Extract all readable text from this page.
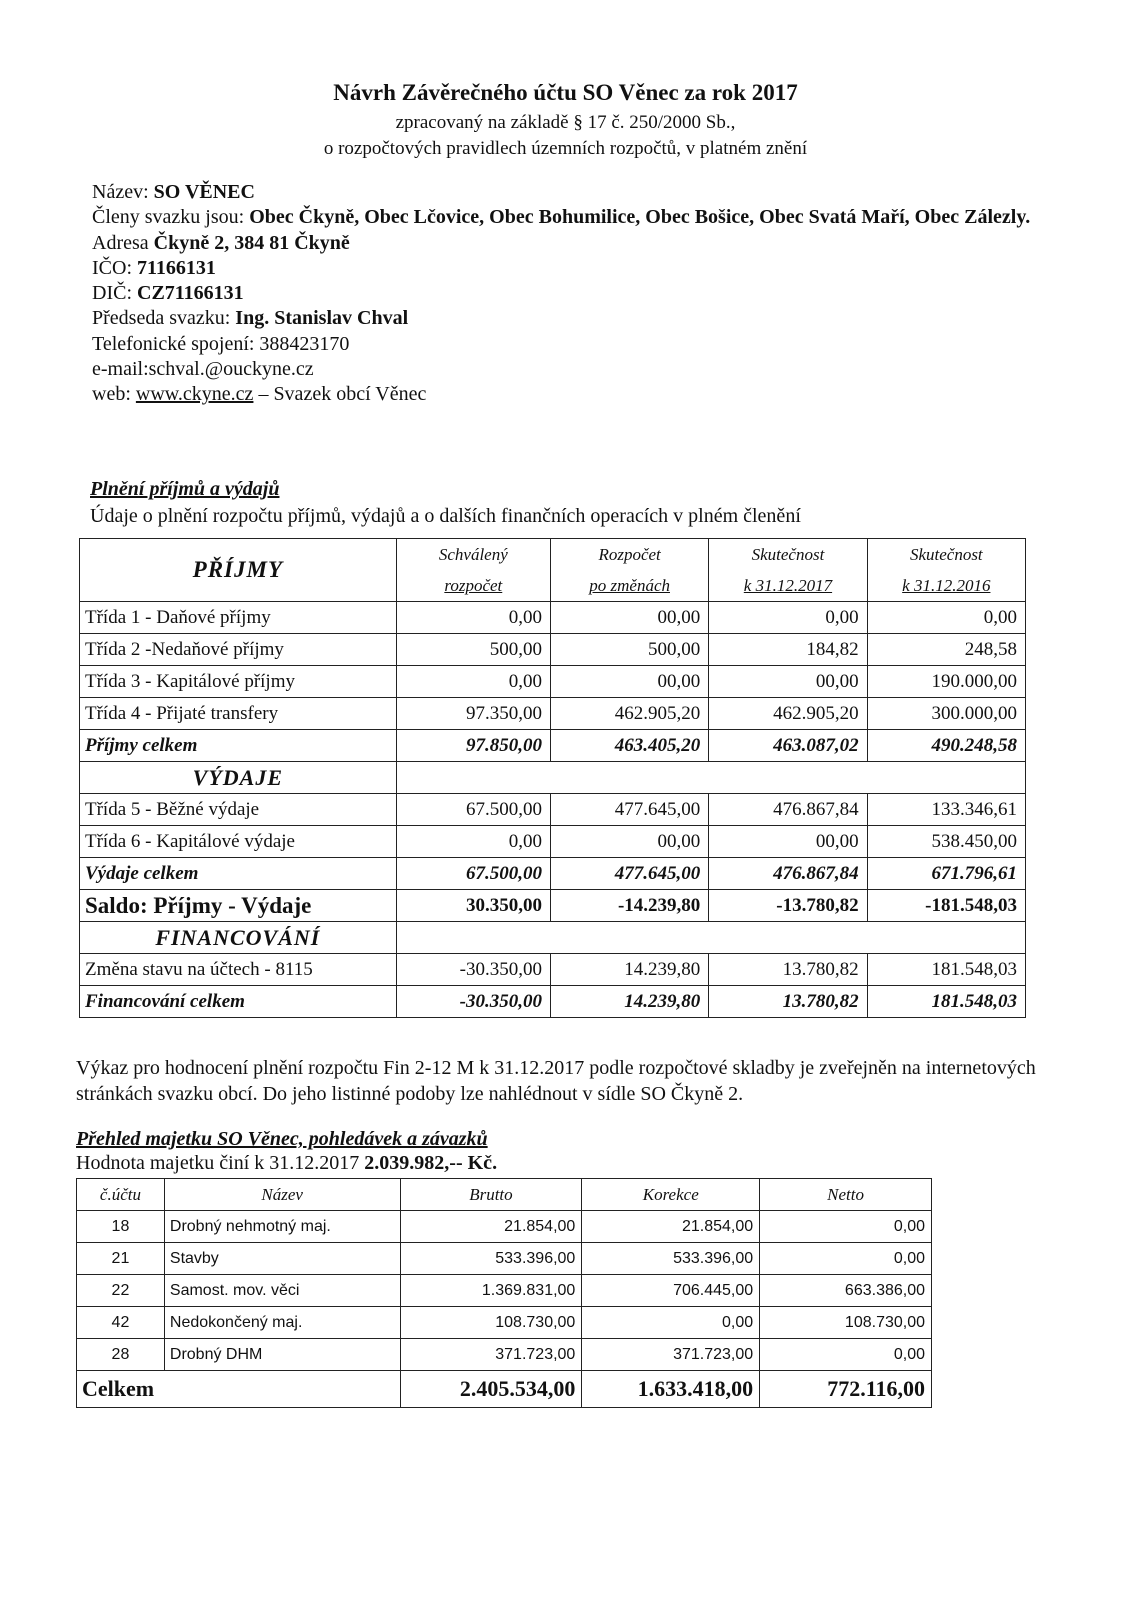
Návrh Závěrečného účtu SO Věnec za rok 2017
zpracovaný na základě § 17 č. 250/2000 Sb.,
o rozpočtových pravidlech územních rozpočtů, v platném znění
Název: SO VĚNEC
Členy svazku jsou: Obec Čkyně, Obec Lčovice, Obec Bohumilice, Obec Bošice, Obec Svatá Maří, Obec Zálezly.
Adresa Čkyně 2, 384 81 Čkyně
IČO: 71166131
DIČ: CZ71166131
Předseda svazku: Ing. Stanislav Chval
Telefonické spojení: 388423170
e-mail:schval.@ouckyne.cz
web: www.ckyne.cz – Svazek obcí Věnec
Plnění příjmů a výdajů
Údaje o plnění rozpočtu příjmů, výdajů a o dalších finančních operacích v plném členění
PŘÍJMY	Schválený	Rozpočet	Skutečnost	Skutečnost
	rozpočet	po změnách	k 31.12.2017	k 31.12.2016
Třída 1 - Daňové příjmy	0,00	00,00	0,00	0,00
Třída 2 -Nedaňové příjmy	500,00	500,00	184,82	248,58
Třída 3 - Kapitálové příjmy	0,00	00,00	00,00	190.000,00
Třída 4 - Přijaté transfery	97.350,00	462.905,20	462.905,20	300.000,00
Příjmy celkem	97.850,00	463.405,20	463.087,02	490.248,58
VÝDAJE				
Třída 5 - Běžné výdaje	67.500,00	477.645,00	476.867,84	133.346,61
Třída 6 - Kapitálové výdaje	0,00	00,00	00,00	538.450,00
Výdaje celkem	67.500,00	477.645,00	476.867,84	671.796,61
Saldo: Příjmy - Výdaje	30.350,00	-14.239,80	-13.780,82	-181.548,03
FINANCOVÁNÍ				
Změna stavu na účtech - 8115	-30.350,00	14.239,80	13.780,82	181.548,03
Financování celkem	-30.350,00	14.239,80	13.780,82	181.548,03
Výkaz pro hodnocení plnění rozpočtu Fin 2-12 M k 31.12.2017 podle rozpočtové skladby je zveřejněn na internetových stránkách svazku obcí. Do jeho listinné podoby lze nahlédnout v sídle SO Čkyně 2.
Přehled majetku SO Věnec, pohledávek a závazků
Hodnota majetku činí k 31.12.2017 2.039.982,-- Kč.
č.účtu	Název	Brutto	Korekce	Netto
18	Drobný nehmotný maj.	21.854,00	21.854,00	0,00
21	Stavby	533.396,00	533.396,00	0,00
22	Samost. mov. věci	1.369.831,00	706.445,00	663.386,00
42	Nedokončený maj.	108.730,00	0,00	108.730,00
28	Drobný DHM	371.723,00	371.723,00	0,00
Celkem		2.405.534,00	1.633.418,00	772.116,00
